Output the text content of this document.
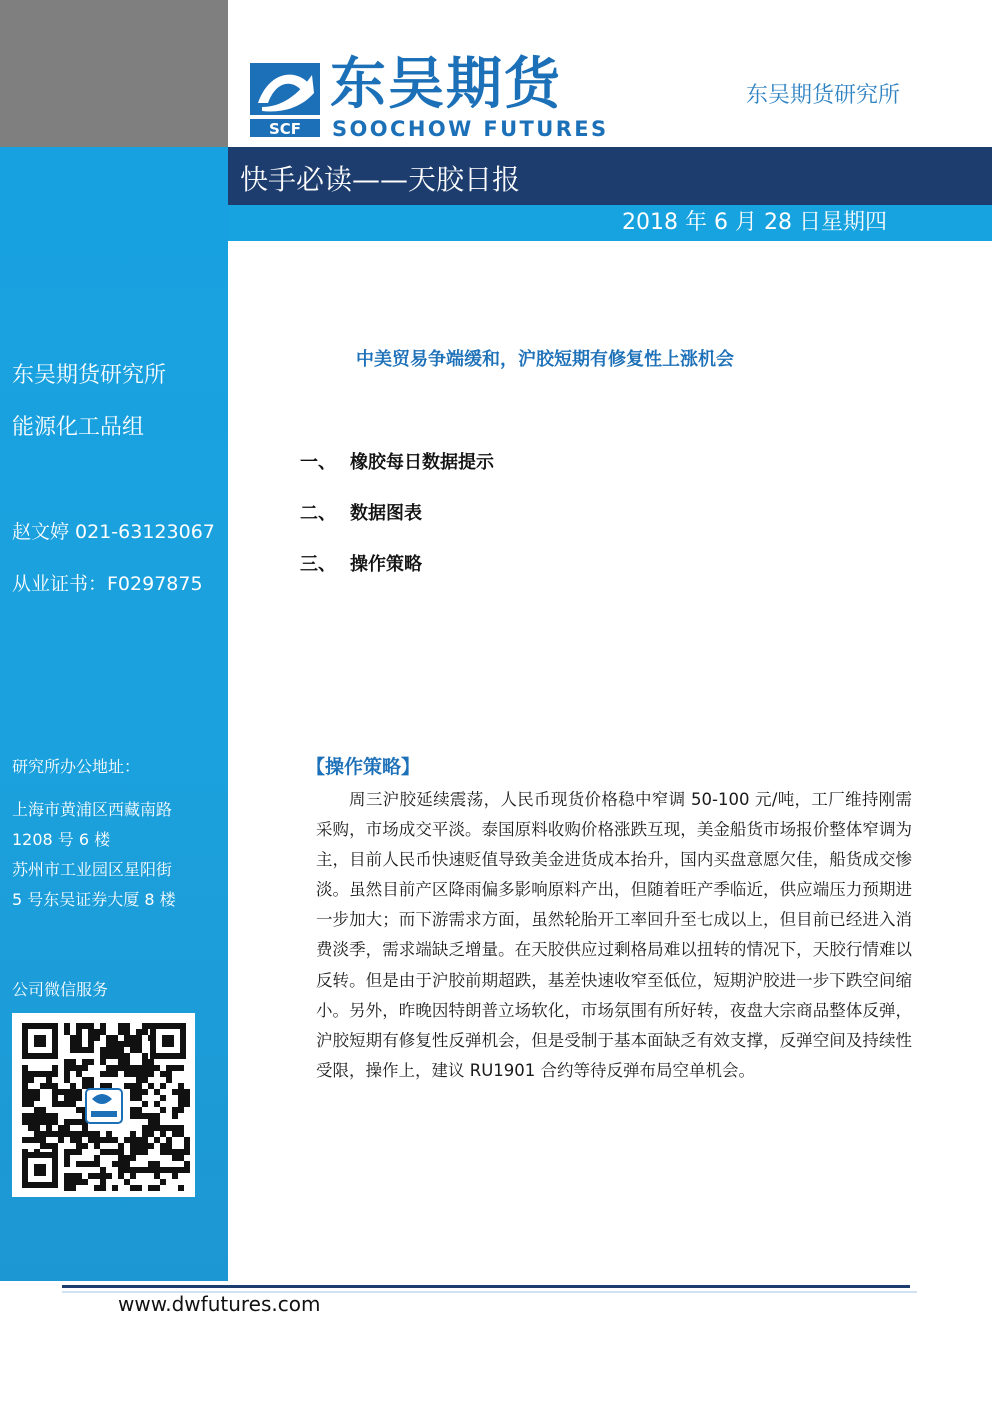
东吴期货研究所
能源化工品组
赵文婷 021-63123067
从业证书：F0297875
研究所办公地址：
上海市黄浦区西藏南路
1208 号 6 楼
苏州市工业园区星阳街
5 号东吴证券大厦 8 楼
公司微信服务
SCF
东吴期货
SOOCHOW FUTURES
东吴期货研究所
快手必读——天胶日报
2018 年 6 月 28 日星期四
中美贸易争端缓和，沪胶短期有修复性上涨机会
一、 橡胶每日数据提示
二、 数据图表
三、 操作策略
【操作策略】
周三沪胶延续震荡，人民币现货价格稳中窄调 50-100 元/吨，工厂维持刚需采购，市场成交平淡。泰国原料收购价格涨跌互现，美金船货市场报价整体窄调为主，目前人民币快速贬值导致美金进货成本抬升，国内买盘意愿欠佳，船货成交惨淡。虽然目前产区降雨偏多影响原料产出，但随着旺产季临近，供应端压力预期进一步加大；而下游需求方面，虽然轮胎开工率回升至七成以上，但目前已经进入消费淡季，需求端缺乏增量。在天胶供应过剩格局难以扭转的情况下，天胶行情难以反转。但是由于沪胶前期超跌，基差快速收窄至低位，短期沪胶进一步下跌空间缩小。另外，昨晚因特朗普立场软化，市场氛围有所好转，夜盘大宗商品整体反弹，沪胶短期有修复性反弹机会，但是受制于基本面缺乏有效支撑，反弹空间及持续性受限，操作上，建议 RU1901 合约等待反弹布局空单机会。
www.dwfutures.com
